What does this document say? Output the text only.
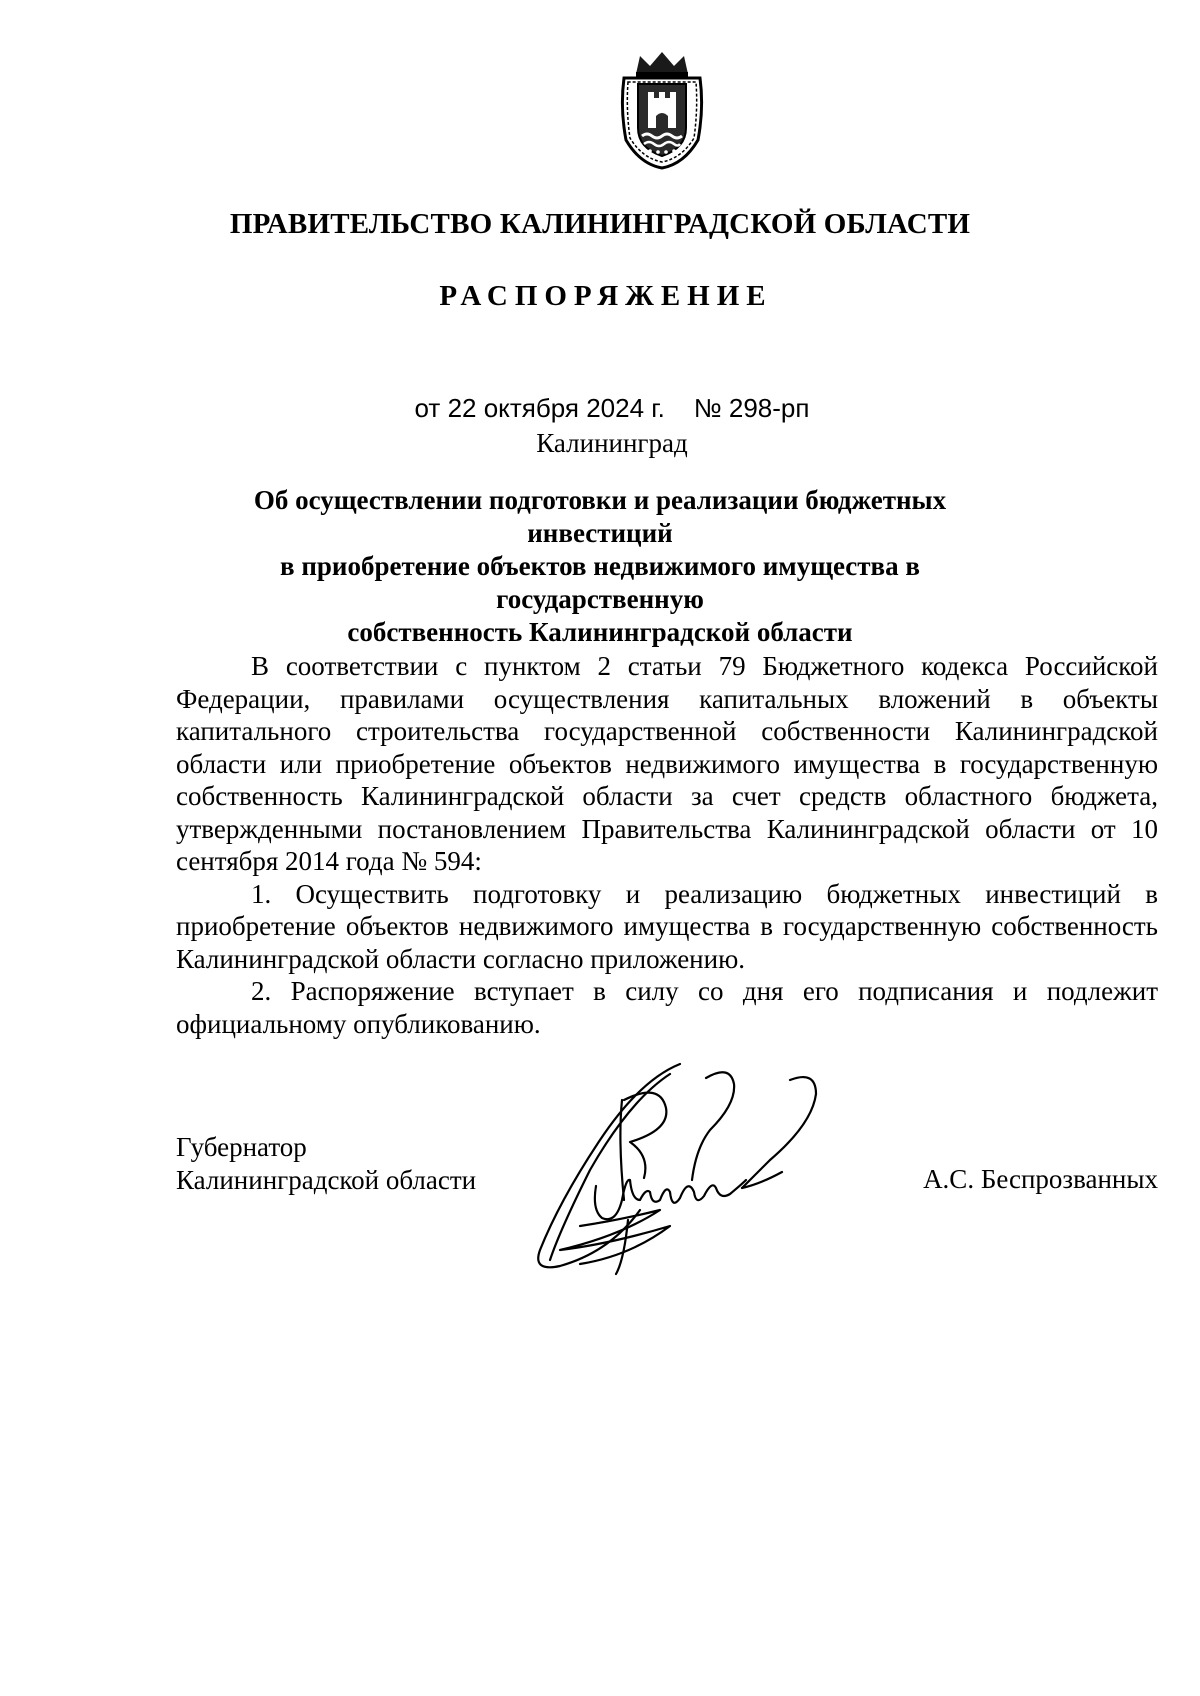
ПРАВИТЕЛЬСТВО КАЛИНИНГРАДСКОЙ ОБЛАСТИ
РАСПОРЯЖЕНИЕ
от 22 октября 2024 г. № 298-рп
Калининград
Об осуществлении подготовки и реализации бюджетных инвестиций
в приобретение объектов недвижимого имущества в государственную
собственность Калининградской области

В соответствии с пунктом 2 статьи 79 Бюджетного кодекса Российской Федерации, правилами осуществления капитальных вложений в объекты капитального строительства государственной собственности Калининградской области или приобретение объектов недвижимого имущества в государственную собственность Калининградской области за счет средств областного бюджета, утвержденными постановлением Правительства Калининградской области от 10 сентября 2014 года № 594:

1. Осуществить подготовку и реализацию бюджетных инвестиций в приобретение объектов недвижимого имущества в государственную собственность Калининградской области согласно приложению.

2. Распоряжение вступает в силу со дня его подписания и подлежит официальному опубликованию.

Губернатор
Калининградской области	А.С. Беспрозванных
